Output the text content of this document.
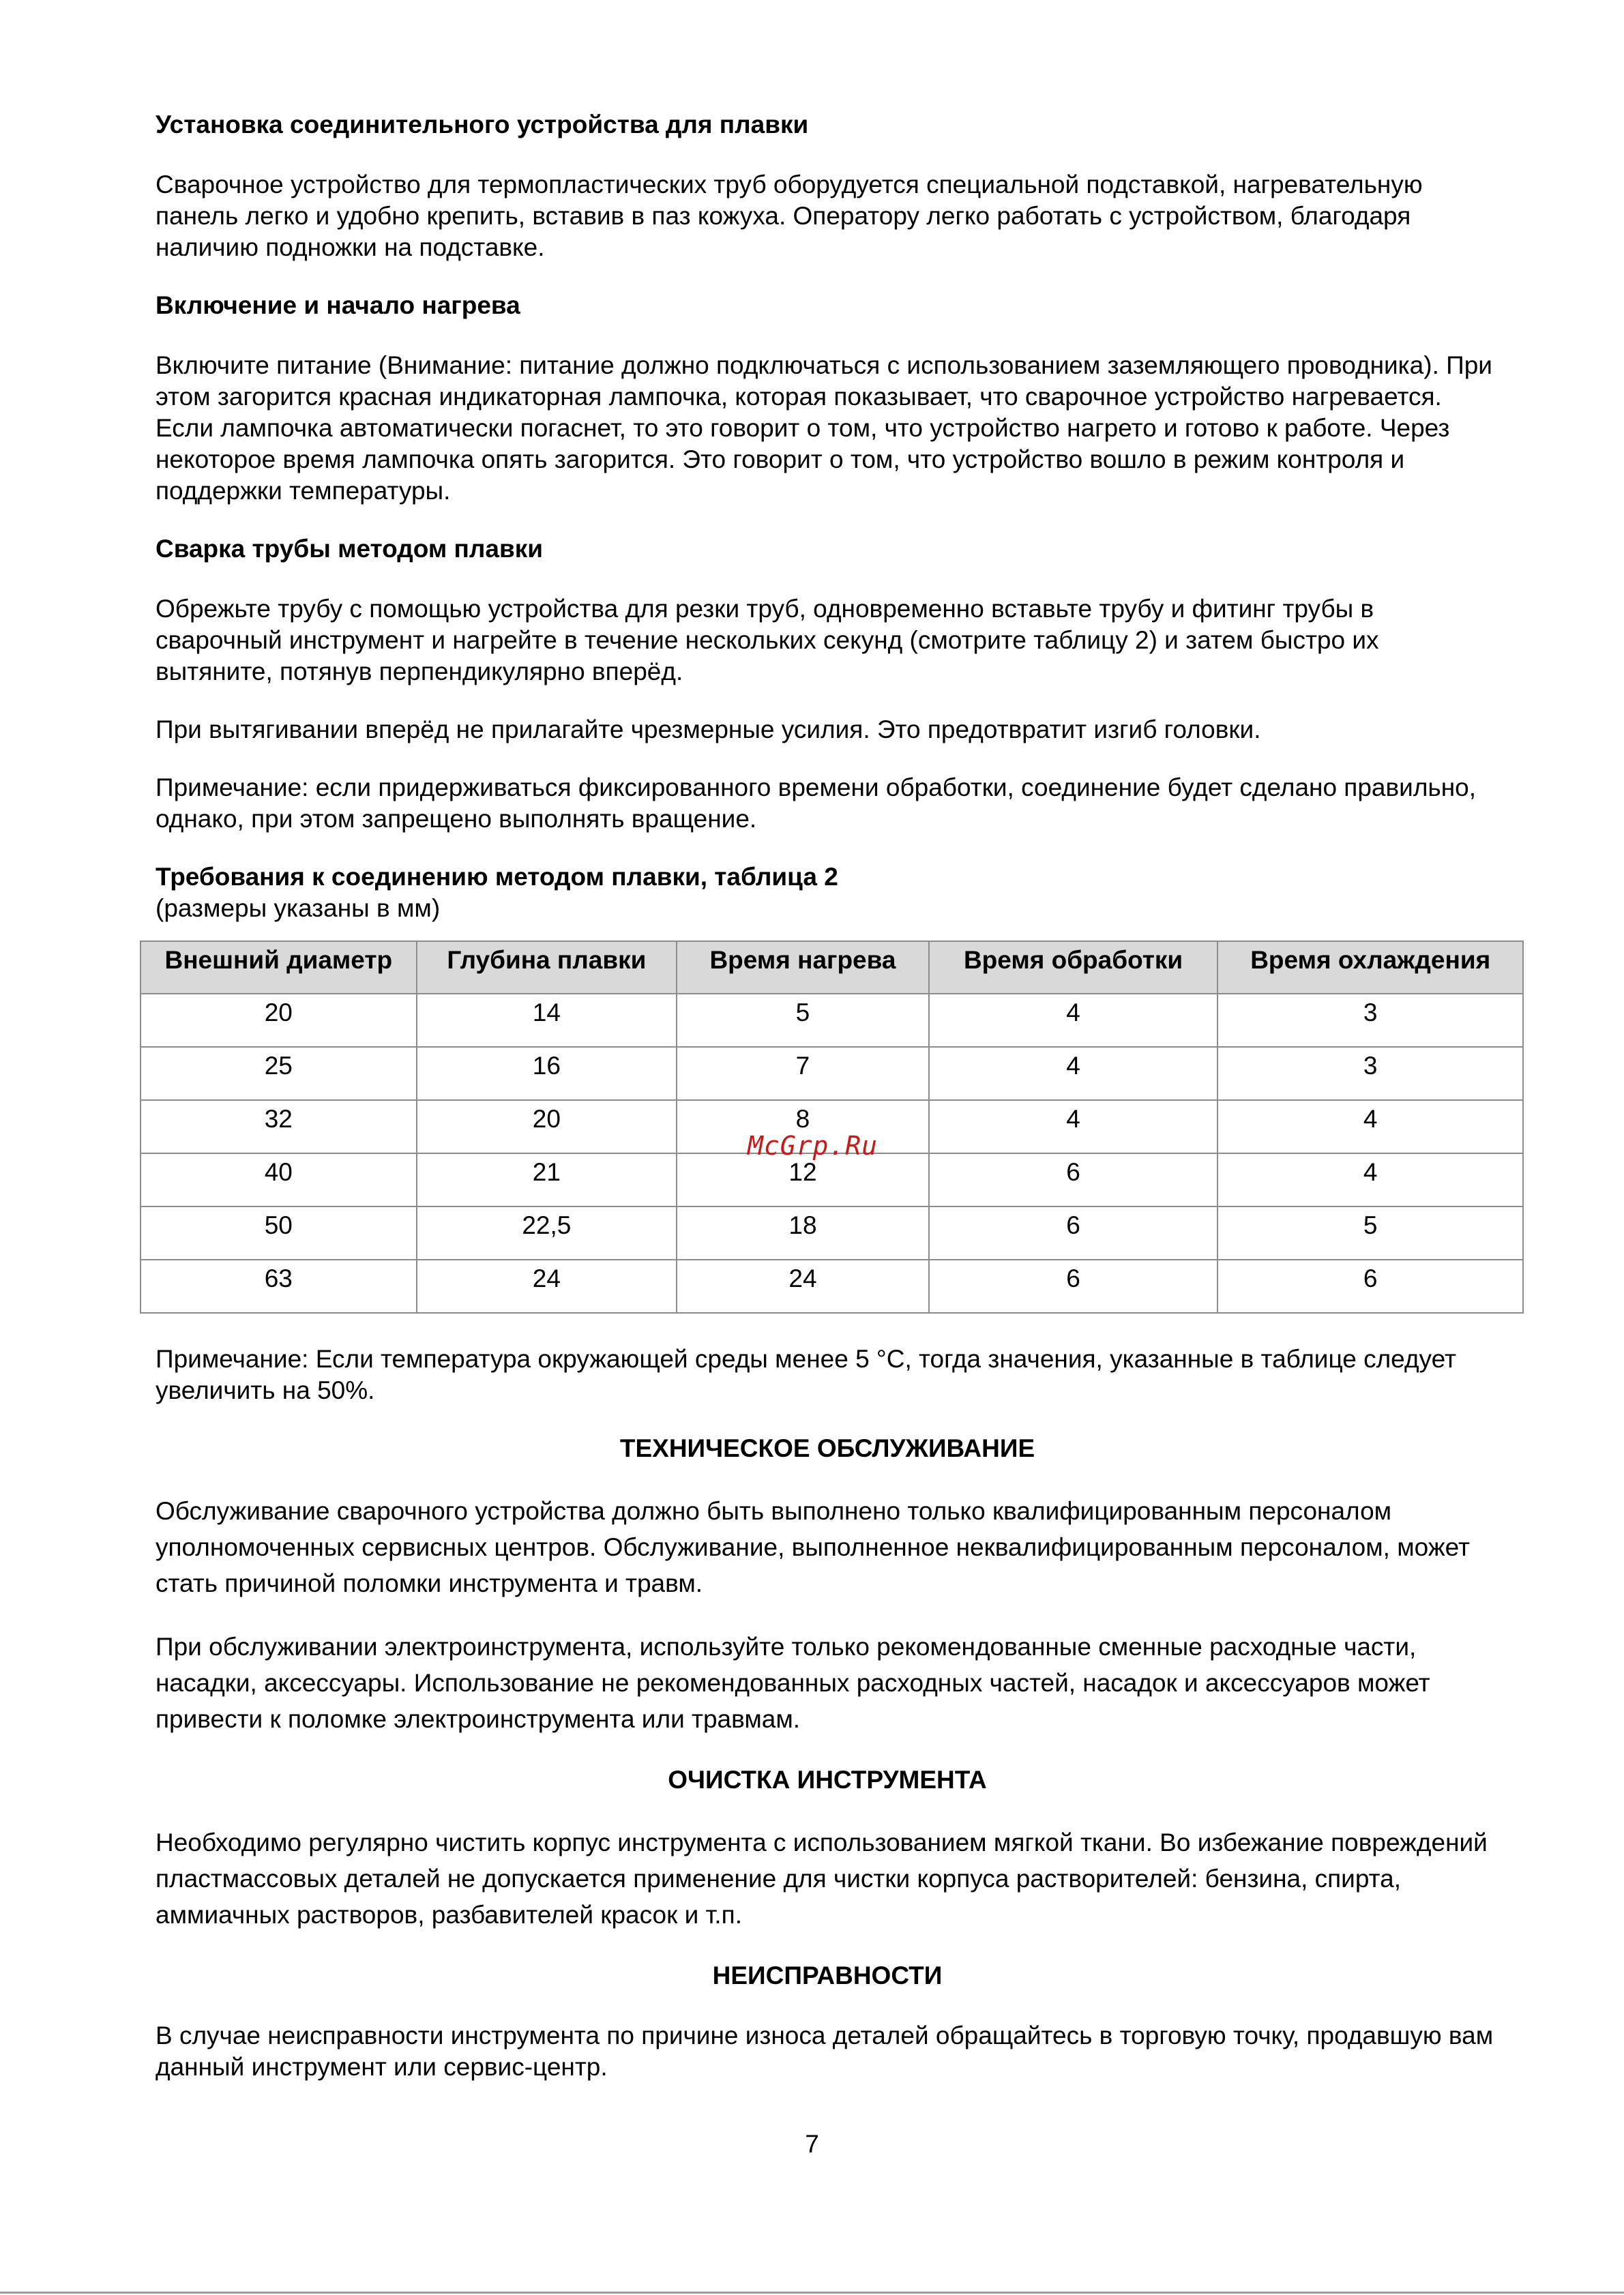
Установка соединительного устройства для плавки

Сварочное устройство для термопластических труб оборудуется специальной подставкой, нагревательную панель легко и удобно крепить, вставив в паз кожуха. Оператору легко работать с устройством, благодаря наличию подножки на подставке.

Включение и начало нагрева

Включите питание (Внимание: питание должно подключаться с использованием заземляющего проводника). При этом загорится красная индикаторная лампочка, которая показывает, что сварочное устройство нагревается. Если лампочка автоматически погаснет, то это говорит о том, что устройство нагрето и готово к работе. Через некоторое время лампочка опять загорится. Это говорит о том, что устройство вошло в режим контроля и поддержки температуры.

Сварка трубы методом плавки

Обрежьте трубу с помощью устройства для резки труб, одновременно вставьте трубу и фитинг трубы в сварочный инструмент и нагрейте в течение нескольких секунд (смотрите таблицу 2) и затем быстро их вытяните, потянув перпендикулярно вперёд.

При вытягивании вперёд не прилагайте чрезмерные усилия. Это предотвратит изгиб головки.

Примечание: если придерживаться фиксированного времени обработки, соединение будет сделано правильно, однако, при этом запрещено выполнять вращение.

Требования к соединению методом плавки, таблица 2

(размеры указаны в мм)

Внешний диаметр	Глубина плавки	Время нагрева	Время обработки	Время охлаждения
20	14	5	4	3
25	16	7	4	3
32	20	8	4	4
40	21	12	6	4
50	22,5	18	6	5
63	24	24	6	6

Примечание: Если температура окружающей среды менее 5 °С, тогда значения, указанные в таблице следует увеличить на 50%.

ТЕХНИЧЕСКОЕ ОБСЛУЖИВАНИЕ

Обслуживание сварочного устройства должно быть выполнено только квалифицированным персоналом уполномоченных сервисных центров. Обслуживание, выполненное неквалифицированным персоналом, может стать причиной поломки инструмента и травм.

При обслуживании электроинструмента, используйте только рекомендованные сменные расходные части, насадки, аксессуары. Использование не рекомендованных расходных частей, насадок и аксессуаров может привести к поломке электроинструмента или травмам.

ОЧИСТКА ИНСТРУМЕНТА

Необходимо регулярно чистить корпус инструмента с использованием мягкой ткани. Во избежание повреждений пластмассовых деталей не допускается применение для чистки корпуса растворителей: бензина, спирта, аммиачных растворов, разбавителей красок и т.п.

НЕИСПРАВНОСТИ

В случае неисправности инструмента по причине износа деталей обращайтесь в торговую точку, продавшую вам данный инструмент или сервис-центр.

McGrp.Ru
7
